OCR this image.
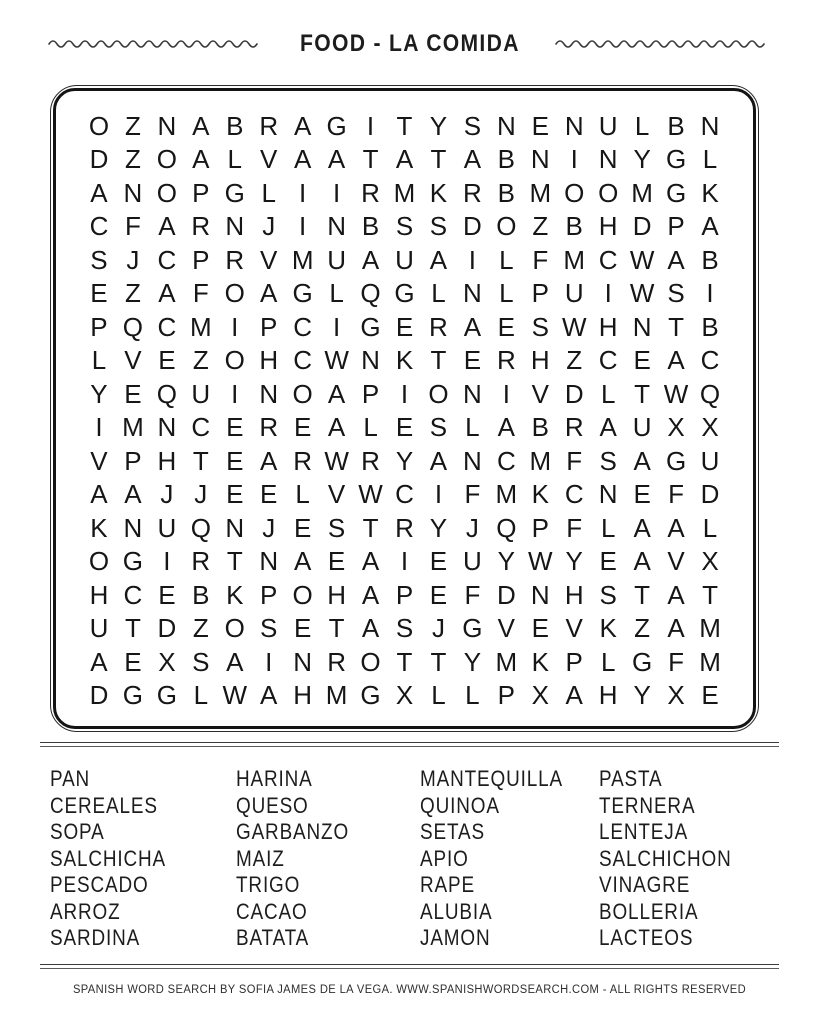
FOOD - LA COMIDA
O Z N A B R A G I T Y S N E N U L B N
D Z O A L V A A T A T A B N I N Y G L
A N O P G L I	I R M K R B M O O M G K
C F A R N J I N B S S D O Z B H D P A
S J C P R V M U A U A I L F M C W A B
E Z A F O A G L Q G L N L P U I W S I
P Q C M I P C I G E R A E S W H N T B
L V E Z O H C W N K T E R H Z C E A C
Y E Q U I N O A P I O N I V D L T W Q
I M N C E R E A L E S L A B R A U X X
V P H T E A R W R Y A N C M F S A G U
A A J J E E L V W C I F M K C N E F D
K N U Q N J E S T R Y J Q P F L A A L
O G I R T N A E A I E U Y W Y E A V X
H C E B K P O H A P E F D N H S T A T
U T D Z O S E T A S J G V E V K Z A M
A E X S A I N R O T T Y M K P L G F M
D G G L W A H M G X L L P X A H Y X E

PAN

CEREALES

SOPA

SALCHICHA

PESCADO

ARROZ

SARDINA

HARINA

QUESO

GARBANZO

MAIZ

TRIGO

CACAO

BATATA

MANTEQUILLA

QUINOA

SETAS

APIO

RAPE

ALUBIA

JAMON

PASTA

TERNERA

LENTEJA

SALCHICHON

VINAGRE

BOLLERIA

LACTEOS

SPANISH WORD SEARCH BY SOFIA JAMES DE LA VEGA. WWW.SPANISHWORDSEARCH.COM - ALL RIGHTS RESERVED
